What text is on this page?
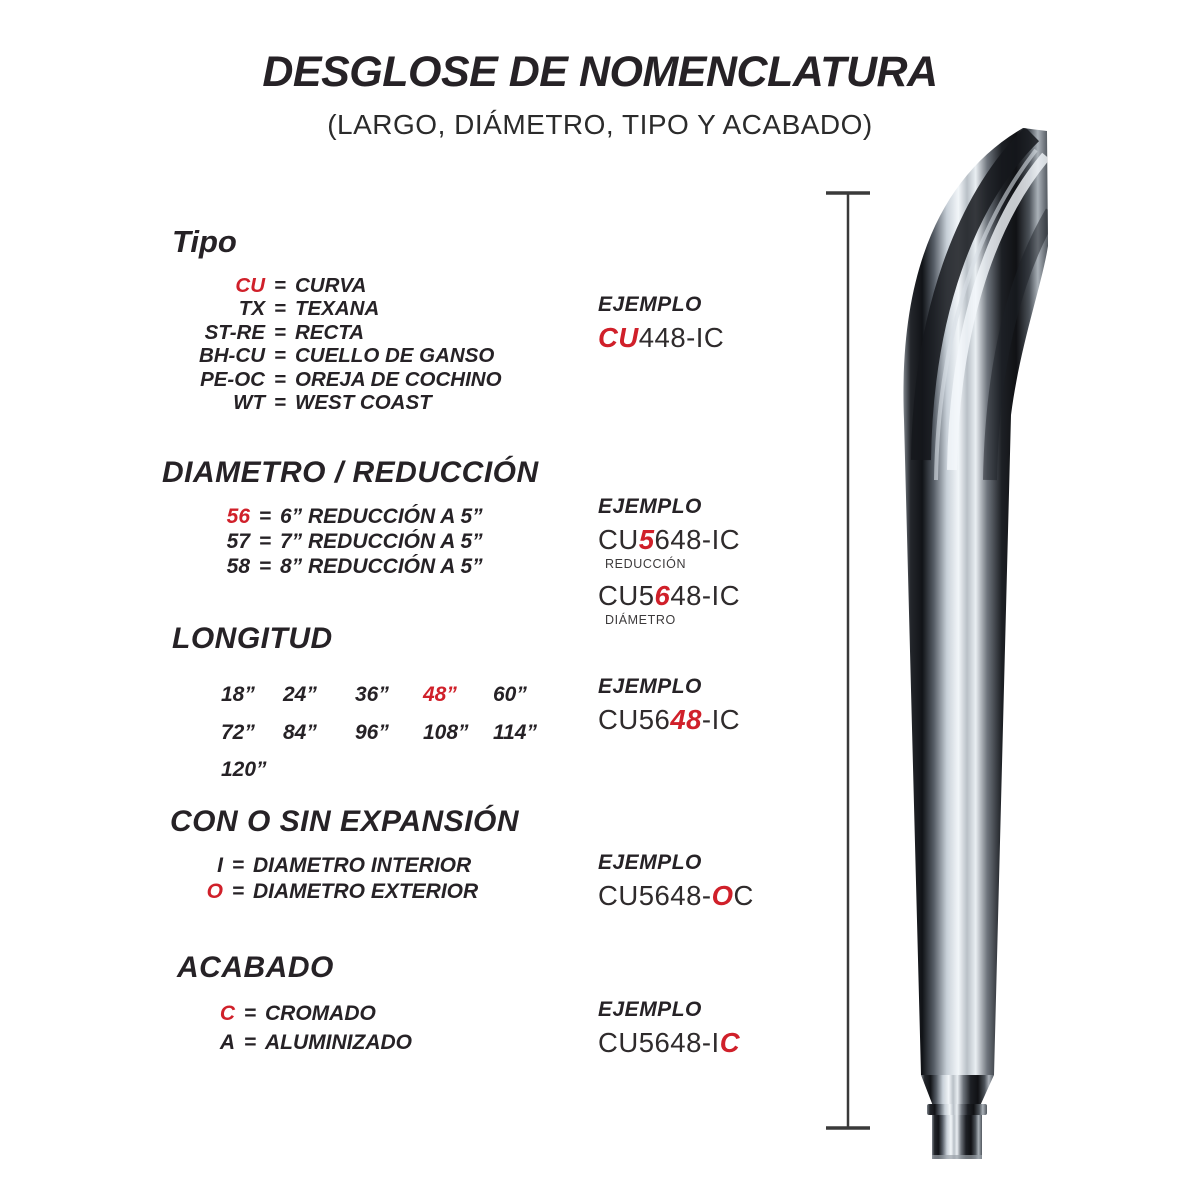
DESGLOSE DE NOMENCLATURA
(LARGO, DIÁMETRO, TIPO Y ACABADO)
Tipo
CU = CURVA
TX = TEXANA
ST-RE = RECTA
BH-CU = CUELLO DE GANSO
PE-OC = OREJA DE COCHINO
WT = WEST COAST
DIAMETRO / REDUCCIÓN
56 = 6” REDUCCIÓN A 5”
57 = 7” REDUCCIÓN A 5”
58 = 8” REDUCCIÓN A 5”
LONGITUD
18”	24”	36”	48”	60”
72”	84”	96”	108”	114”
120”
CON O SIN EXPANSIÓN
I = DIAMETRO INTERIOR
O = DIAMETRO EXTERIOR
ACABADO
C = CROMADO
A = ALUMINIZADO
EJEMPLO
CU448-IC
EJEMPLO
CU5648-IC
REDUCCIÓN
CU5648-IC
DIÁMETRO
EJEMPLO
CU5648-IC
EJEMPLO
CU5648-OC
EJEMPLO
CU5648-IC
